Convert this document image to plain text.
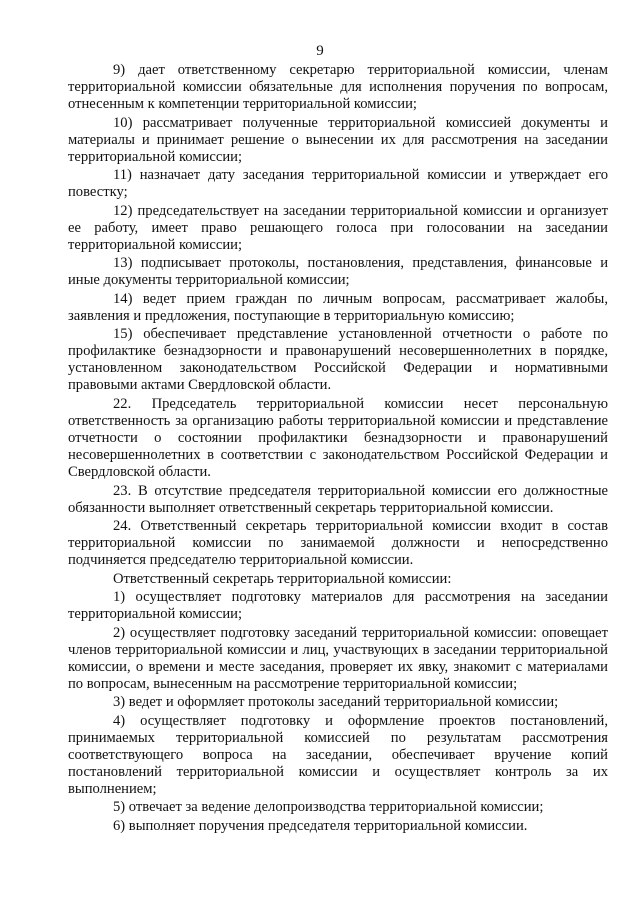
9

9) дает ответственному секретарю территориальной комиссии, членам территориальной комиссии обязательные для исполнения поручения по вопросам, отнесенным к компетенции территориальной комиссии;

10) рассматривает полученные территориальной комиссией документы и материалы и принимает решение о вынесении их для рассмотрения на заседании территориальной комиссии;

11) назначает дату заседания территориальной комиссии и утверждает его повестку;

12) председательствует на заседании территориальной комиссии и организует ее работу, имеет право решающего голоса при голосовании на заседании территориальной комиссии;

13) подписывает протоколы, постановления, представления, финансовые и иные документы территориальной комиссии;

14) ведет прием граждан по личным вопросам, рассматривает жалобы, заявления и предложения, поступающие в территориальную комиссию;

15) обеспечивает представление установленной отчетности о работе по профилактике безнадзорности и правонарушений несовершеннолетних в порядке, установленном законодательством Российской Федерации и нормативными правовыми актами Свердловской области.

22. Председатель территориальной комиссии несет персональную ответственность за организацию работы территориальной комиссии и представление отчетности о состоянии профилактики безнадзорности и правонарушений несовершеннолетних в соответствии с законодательством Российской Федерации и Свердловской области.

23. В отсутствие председателя территориальной комиссии его должностные обязанности выполняет ответственный секретарь территориальной комиссии.

24. Ответственный секретарь территориальной комиссии входит в состав территориальной комиссии по занимаемой должности и непосредственно подчиняется председателю территориальной комиссии.

Ответственный секретарь территориальной комиссии:

1) осуществляет подготовку материалов для рассмотрения на заседании территориальной комиссии;

2) осуществляет подготовку заседаний территориальной комиссии: оповещает членов территориальной комиссии и лиц, участвующих в заседании территориальной комиссии, о времени и месте заседания, проверяет их явку, знакомит с материалами по вопросам, вынесенным на рассмотрение территориальной комиссии;

3) ведет и оформляет протоколы заседаний территориальной комиссии;

4) осуществляет подготовку и оформление проектов постановлений, принимаемых территориальной комиссией по результатам рассмотрения соответствующего вопроса на заседании, обеспечивает вручение копий постановлений территориальной комиссии и осуществляет контроль за их выполнением;

5) отвечает за ведение делопроизводства территориальной комиссии;

6) выполняет поручения председателя территориальной комиссии.
